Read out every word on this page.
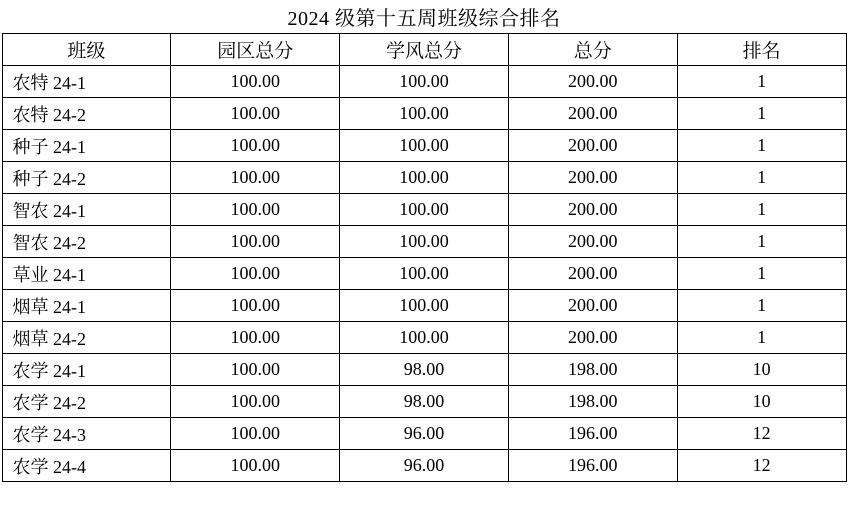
2024 级第十五周班级综合排名				
班级	园区总分	学风总分	总分	排名

农特 24-1	100.00	100.00	200.00	1

农特 24-2	100.00	100.00	200.00	1

种子 24-1	100.00	100.00	200.00	1

种子 24-2	100.00	100.00	200.00	1

智农 24-1	100.00	100.00	200.00	1

智农 24-2	100.00	100.00	200.00	1

草业 24-1	100.00	100.00	200.00	1

烟草 24-1	100.00	100.00	200.00	1

烟草 24-2	100.00	100.00	200.00	1

农学 24-1	100.00	98.00	198.00	10

农学 24-2	100.00	98.00	198.00	10

农学 24-3	100.00	96.00	196.00	12

农学 24-4	100.00	96.00	196.00	12
